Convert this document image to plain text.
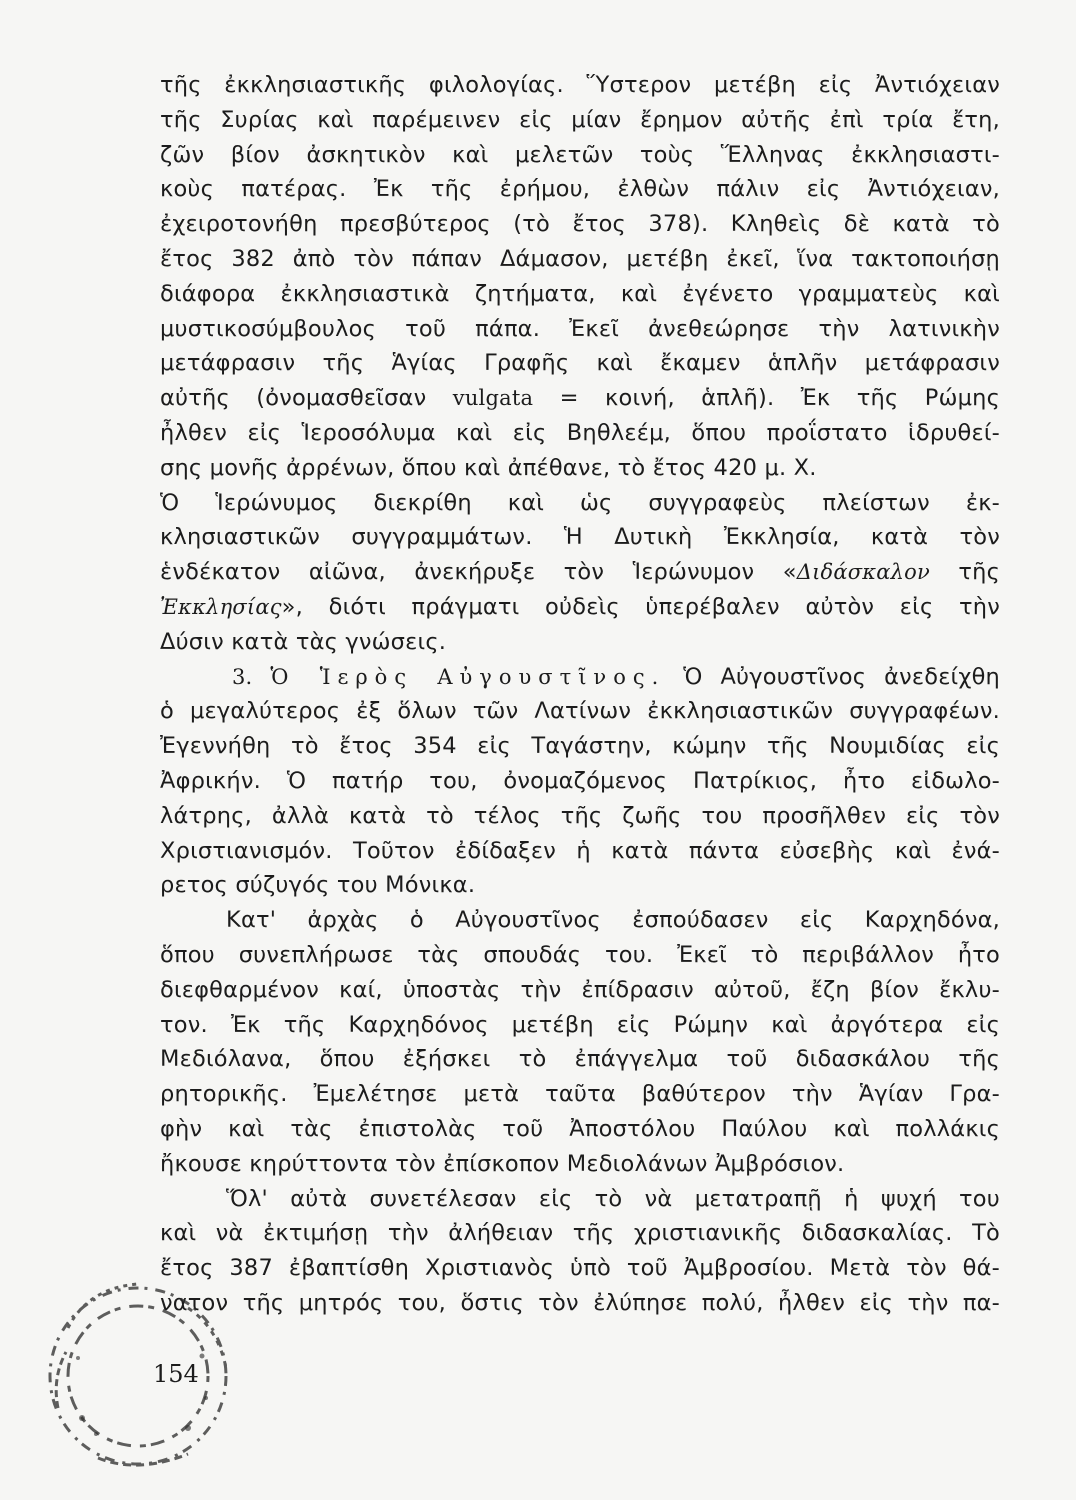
τῆς ἐκκλησιαστικῆς φιλολογίας. Ὕστερον μετέβη εἰς Ἀντιόχειαν
τῆς Συρίας καὶ παρέμεινεν εἰς μίαν ἔρημον αὐτῆς ἐπὶ τρία ἔτη,
ζῶν βίον ἀσκητικὸν καὶ μελετῶν τοὺς Ἕλληνας ἐκκλησιαστι-
κοὺς πατέρας. Ἐκ τῆς ἐρήμου, ἐλθὼν πάλιν εἰς Ἀντιόχειαν,
ἐχειροτονήθη πρεσβύτερος (τὸ ἔτος 378). Κληθεὶς δὲ κατὰ τὸ
ἔτος 382 ἀπὸ τὸν πάπαν Δάμασον, μετέβη ἐκεῖ, ἵνα τακτοποιήσῃ
διάφορα ἐκκλησιαστικὰ ζητήματα, καὶ ἐγένετο γραμματεὺς καὶ
μυστικοσύμβουλος τοῦ πάπα. Ἐκεῖ ἀνεθεώρησε τὴν λατινικὴν
μετάφρασιν τῆς Ἁγίας Γραφῆς καὶ ἔκαμεν ἁπλῆν μετάφρασιν
αὐτῆς (ὀνομασθεῖσαν vulgata = κοινή, ἁπλῆ). Ἐκ τῆς Ρώμης
ἦλθεν εἰς Ἱεροσόλυμα καὶ εἰς Βηθλεέμ, ὅπου προΐστατο ἱδρυθεί-
σης μονῆς ἀρρένων, ὅπου καὶ ἀπέθανε, τὸ ἔτος 420 μ. Χ.
Ὁ Ἱερώνυμος διεκρίθη καὶ ὡς συγγραφεὺς πλείστων ἐκ-
κλησιαστικῶν συγγραμμάτων. Ἡ Δυτικὴ Ἐκκλησία, κατὰ τὸν
ἑνδέκατον αἰῶνα, ἀνεκήρυξε τὸν Ἱερώνυμον «Διδάσκαλον τῆς
Ἐκκλησίας», διότι πράγματι οὐδεὶς ὑπερέβαλεν αὐτὸν εἰς τὴν
Δύσιν κατὰ τὰς γνώσεις.
3. Ὁ Ἱερὸς Αὐγουστῖνος. Ὁ Αὐγουστῖνος ἀνεδείχθη
ὁ μεγαλύτερος ἐξ ὅλων τῶν Λατίνων ἐκκλησιαστικῶν συγγραφέων.
Ἐγεννήθη τὸ ἔτος 354 εἰς Ταγάστην, κώμην τῆς Νουμιδίας εἰς
Ἀφρικήν. Ὁ πατήρ του, ὀνομαζόμενος Πατρίκιος, ἦτο εἰδωλο-
λάτρης, ἀλλὰ κατὰ τὸ τέλος τῆς ζωῆς του προσῆλθεν εἰς τὸν
Χριστιανισμόν. Τοῦτον ἐδίδαξεν ἡ κατὰ πάντα εὐσεβὴς καὶ ἐνά-
ρετος σύζυγός του Μόνικα.
Κατ' ἀρχὰς ὁ Αὐγουστῖνος ἐσπούδασεν εἰς Καρχηδόνα,
ὅπου συνεπλήρωσε τὰς σπουδάς του. Ἐκεῖ τὸ περιβάλλον ἦτο
διεφθαρμένον καί, ὑποστὰς τὴν ἐπίδρασιν αὐτοῦ, ἔζη βίον ἔκλυ-
τον. Ἐκ τῆς Καρχηδόνος μετέβη εἰς Ρώμην καὶ ἀργότερα εἰς
Μεδιόλανα, ὅπου ἐξήσκει τὸ ἐπάγγελμα τοῦ διδασκάλου τῆς
ρητορικῆς. Ἐμελέτησε μετὰ ταῦτα βαθύτερον τὴν Ἁγίαν Γρα-
φὴν καὶ τὰς ἐπιστολὰς τοῦ Ἀποστόλου Παύλου καὶ πολλάκις
ἤκουσε κηρύττοντα τὸν ἐπίσκοπον Μεδιολάνων Ἀμβρόσιον.
Ὅλ' αὐτὰ συνετέλεσαν εἰς τὸ νὰ μετατραπῇ ἡ ψυχή του
καὶ νὰ ἐκτιμήσῃ τὴν ἀλήθειαν τῆς χριστιανικῆς διδασκαλίας. Τὸ
ἔτος 387 ἐβαπτίσθη Χριστιανὸς ὑπὸ τοῦ Ἀμβροσίου. Μετὰ τὸν θά-
νατον τῆς μητρός του, ὅστις τὸν ἐλύπησε πολύ, ἦλθεν εἰς τὴν πα-
154
